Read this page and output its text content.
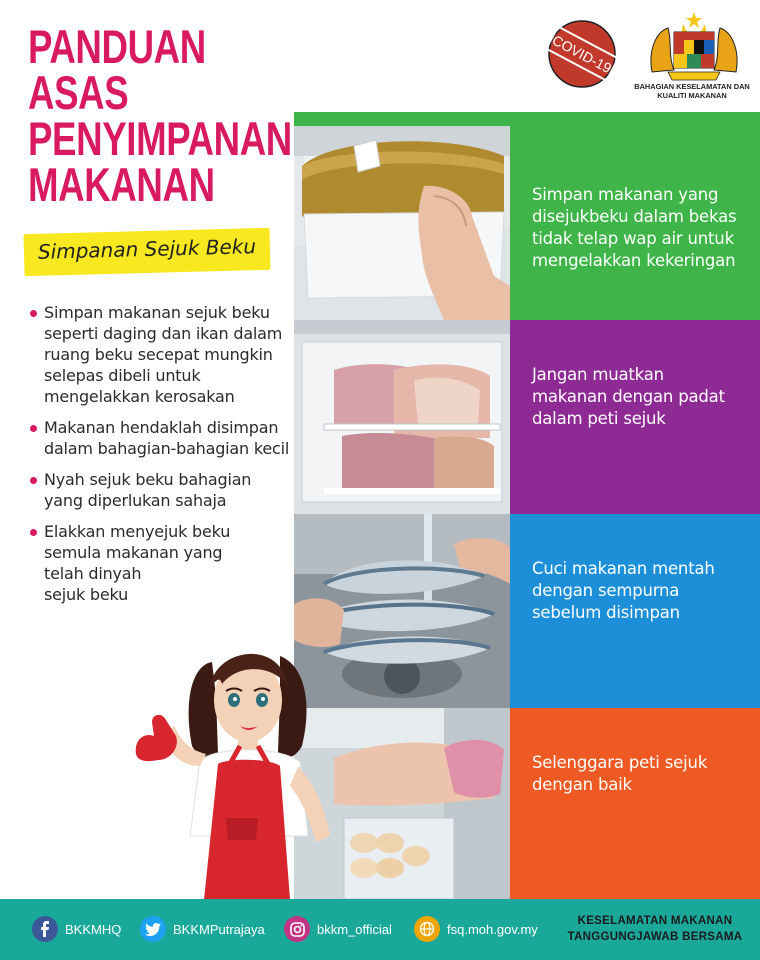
PANDUAN
ASAS
PENYIMPANAN
MAKANAN
Simpanan Sejuk Beku
Simpan makanan sejuk beku
seperti daging dan ikan dalam
ruang beku secepat mungkin
selepas dibeli untuk
mengelakkan kerosakan
Makanan hendaklah disimpan
dalam bahagian-bahagian kecil
Nyah sejuk beku bahagian
yang diperlukan sahaja
Elakkan menyejuk beku
semula makanan yang
telah dinyah
sejuk beku
COVID-19
BAHAGIAN KESELAMATAN DAN
KUALITI MAKANAN
Simpan makanan yang
disejukbeku dalam bekas
tidak telap wap air untuk
mengelakkan kekeringan
Jangan muatkan
makanan dengan padat
dalam peti sejuk
Cuci makanan mentah
dengan sempurna
sebelum disimpan
Selenggara peti sejuk
dengan baik
BKKMHQ	BKKMPutrajaya	bkkm_official	fsq.moh.gov.my
KESELAMATAN MAKANAN
TANGGUNGJAWAB BERSAMA
